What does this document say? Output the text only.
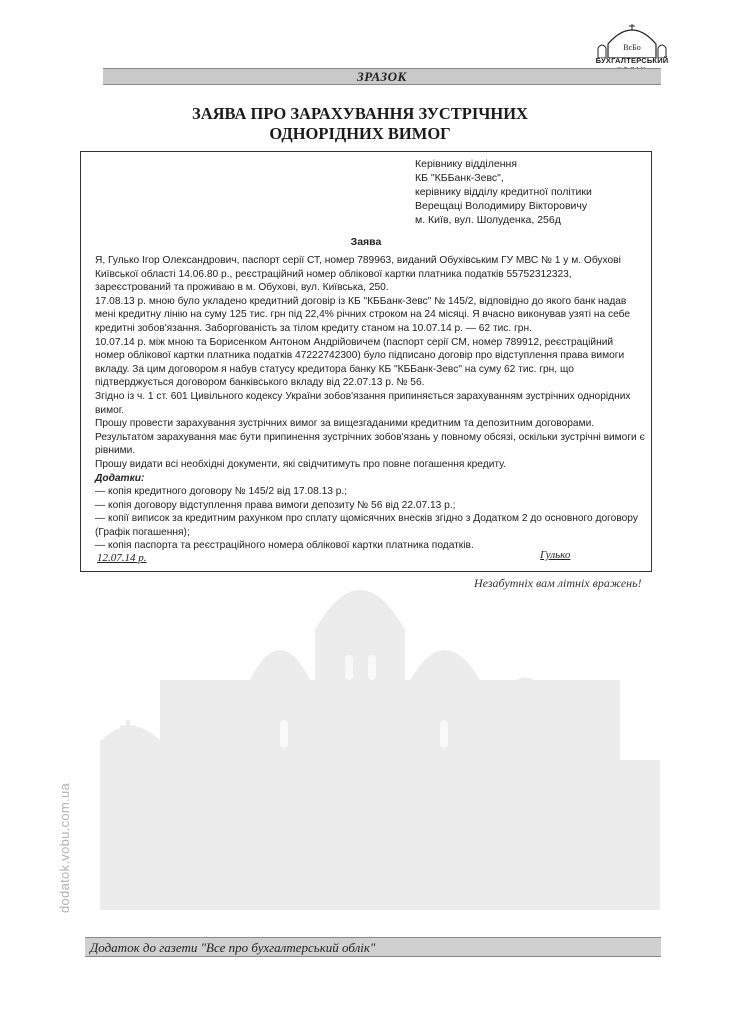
ВсБо
БУХГАЛТЕРСЬКИЙ
ЗРАЗОК
ЗАЯВА ПРО ЗАРАХУВАННЯ ЗУСТРІЧНИХ
ОДНОРІДНИХ ВИМОГ
Керівнику відділення
КБ "КББанк-Зевс",
керівнику відділу кредитної політики
Верещаці Володимиру Вікторовичу
м. Київ, вул. Шолуденка, 256д
Заява

Я, Гулько Ігор Олександрович, паспорт серії СТ, номер 789963, виданий Обухівським ГУ МВС № 1 у м. Обухові Київської області 14.06.80 р., реєстраційний номер облікової картки платника податків 55752312323, зареєстрований та проживаю в м. Обухові, вул. Київська, 250.

17.08.13 р. мною було укладено кредитний договір із КБ "КББанк-Зевс" № 145/2, відповідно до якого банк надав мені кредитну лінію на суму 125 тис. грн під 22,4% річних строком на 24 місяці. Я вчасно виконував узяті на себе кредитні зобов'язання. Заборгованість за тілом кредиту станом на 10.07.14 р. — 62 тис. грн.

10.07.14 р. між мною та Борисенком Антоном Андрійовичем (паспорт серії СМ, номер 789912, реєстраційний номер облікової картки платника податків 47222742300) було підписано договір про відступлення права вимоги вкладу. За цим договором я набув статусу кредитора банку КБ "КББанк-Зевс" на суму 62 тис. грн, що підтверджується договором банківського вкладу від 22.07.13 р. № 56.

Згідно із ч. 1 ст. 601 Цивільного кодексу України зобов'язання припиняється зарахуванням зустрічних однорідних вимог.

Прошу провести зарахування зустрічних вимог за вищезгаданими кредитним та депозитним договорами. Результатом зарахування має бути припинення зустрічних зобов'язань у повному обсязі, оскільки зустрічні вимоги є рівними.

Прошу видати всі необхідні документи, які свідчитимуть про повне погашення кредиту.

Додатки:

— копія кредитного договору № 145/2 від 17.08.13 р.;

— копія договору відступлення права вимоги депозиту № 56 від 22.07.13 р.;

— копії виписок за кредитним рахунком про сплату щомісячних внесків згідно з Додатком 2 до основного договору (Графік погашення);

— копія паспорта та реєстраційного номера облікової картки платника податків.

12.07.14 р.	Гулько
Незабутніх вам літніх вражень!
dodatok.vobu.com.ua
Додаток до газети "Все про бухгалтерський облік"
